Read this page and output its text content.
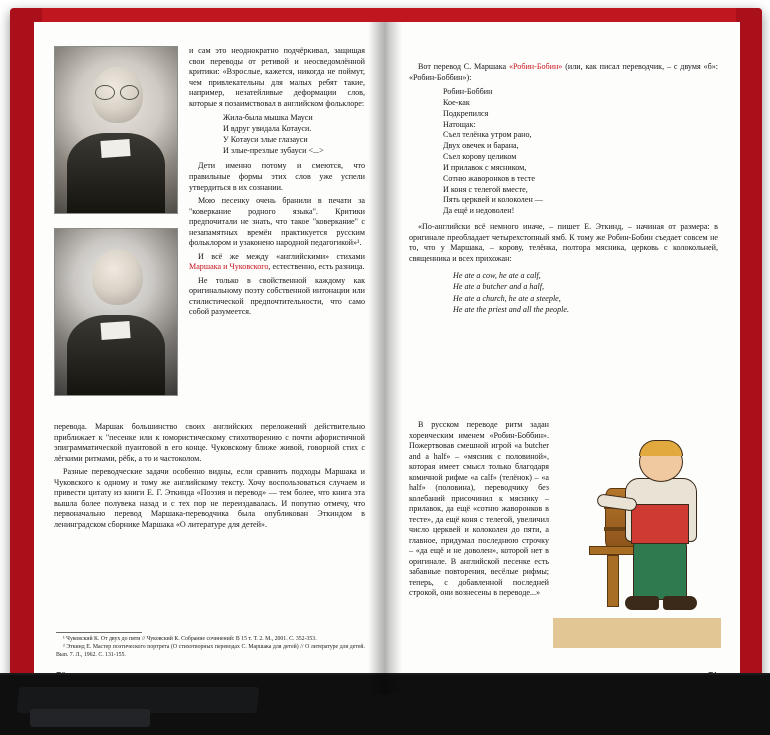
и сам это неоднократно подчёркивал, защищая свои переводы от ретивой и неосведомлённой критики: «Взрослые, кажется, никогда не поймут, чем привлекательны для малых ребят такие, например, незатейливые деформации слов, которые я позаимствовал в английском фольклоре:

Жила-была мышка Мауси
И вдруг увидала Котауси.
У Котауси злые глазауси
И злые-презлые зубауси <...>

Дети именно потому и смеются, что правильные формы этих слов уже успели утвердиться в их сознании.

Мою песенку очень бранили в печати за "коверкание родного языка". Критики предпочитали не знать, что такое "коверкание" с незапамятных времён практикуется русским фольклором и узаконено народной педагогикой»¹.

И всё же между «английскими» стихами Маршака и Чуковского, естественно, есть разница.

Не только в свойственной каждому как оригинальному поэту собственной интонации или стилистической предпочтительности, что само собой разумеется.

перевода. Маршак большинство своих английских переложений действительно приближает к "песенке или к юмористическому стихотворению с почти афористичной эпиграмматической пуантовой в его конце. Чуковскому ближе живой, говорной стих с лёгкими ритмами, рёбк, а то и частоколом.

Разные переводческие задачи особенно видны, если сравнить подходы Маршака и Чуковского к одному и тому же английскому тексту. Хочу воспользоваться случаем и привести цитату из книги Е. Г. Эткинда «Поэзия и перевод» — тем более, что книга эта вышла более полувека назад и с тех пор не переиздавалась. И попутно отмечу, что первоначально перевод Маршака-переводчика была опубликован Эткиндом в ленинградском сборнике Маршака «О литературе для детей».

¹ Чуковский К. От двух до пяти // Чуковский К. Собрание сочинений: В 15 т. Т. 2. М., 2001. С. 352-353.

² Эткинд Е. Мастер поэтического портрета (О стихотворных переводах С. Маршака для детей) // О литературе для детей. Вып. 7. Л., 1962. С. 131-155.

Вот перевод С. Маршака «Робин-Бобин» (или, как писал переводчик, – с двумя «б»: «Робин-Боббин»):

Робин-Боббин
Кое-как
Подкрепился
Натощак:
Съел телёнка утром рано,
Двух овечек и барана,
Съел корову целиком
И прилавок с мясником,
Сотню жаворонков в тесте
И коня с телегой вместе,
Пять церквей и колоколен —
Да ещё и недоволен!

«По-английски всё немного иначе, – пишет Е. Эткинд, – начиная от размера: в оригинале преобладает четырехстопный ямб. К тому же Робин-Бобин съедает совсем не то, что у Маршака, – корову, телёнка, полтора мясника, церковь с колокольней, священника и всех прихожан:

He ate a cow, he ate a calf,
He ate a butcher and a half,
He ate a church, he ate a steeple,
He ate the priest and all the people.

В русском переводе ритм задан хореическим именем «Робин-Боббин». Пожертвовав смешной игрой «a butcher and a half» – «мясник с половиной», которая имеет смысл только благодаря комичной рифме «a calf» (телёнок) – «a half» (половина), переводчику без колебаний присочинил к мяснику – прилавок, да ещё «сотню жаворонков в тесте», да ещё коня с телегой, увеличил число церквей и колоколен до пяти, а главное, придумал последнюю строчку – «да ещё и не доволен», которой нет в оригинале. В английской песенке есть забавные повторения, весёлые рифмы; теперь, с добавленной последней строкой, они вознесены в переводе...»
